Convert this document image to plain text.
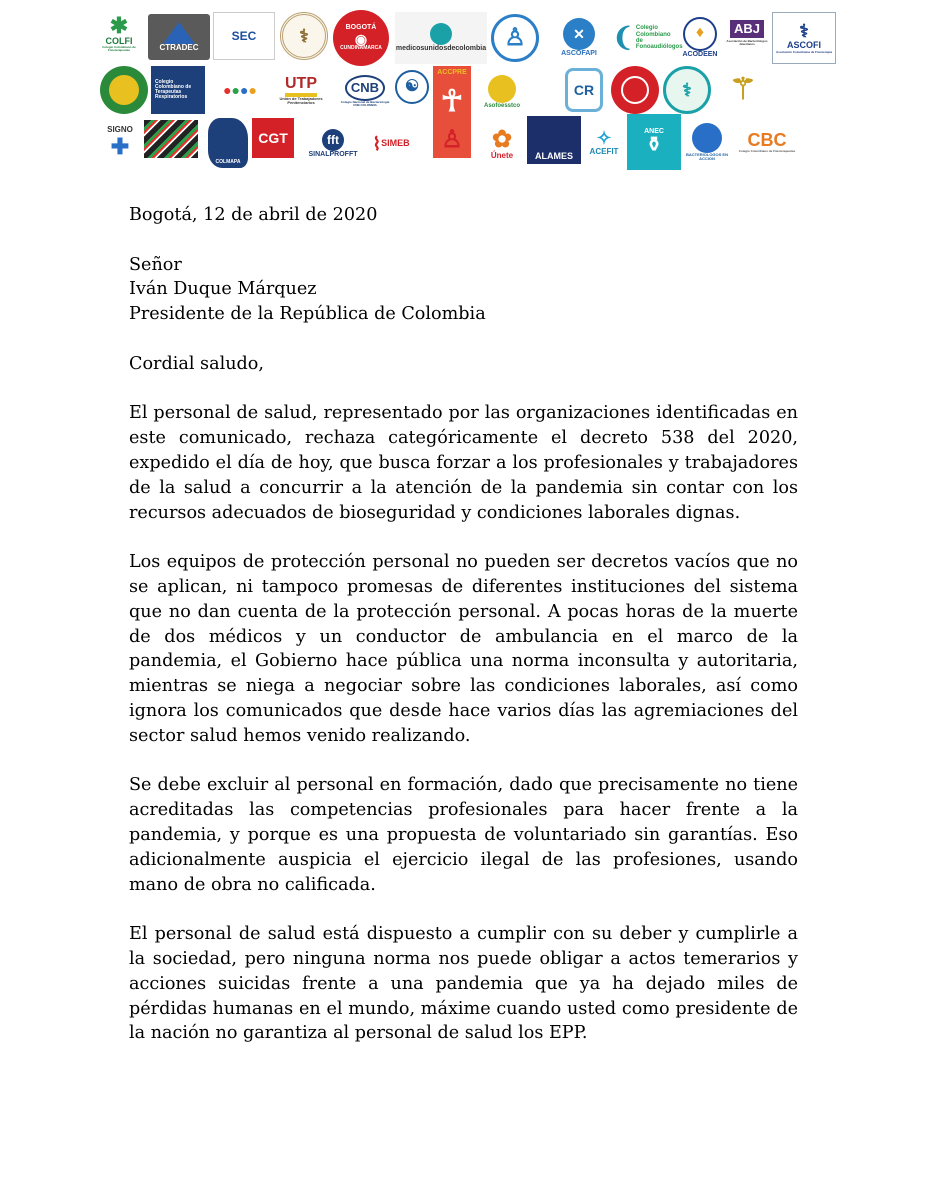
✱
COLFI
Colegio Colombiano de Fisioterapeutas	CTRADEC
SEC ⚕	BOGOTÁ
◉
CUNDINAMARCA medicosunidosdecolombia ♙	✕
ASCOFAPI
❨ Colegio Colombiano de Fonoaudiólogos
♦
ACODEEN
ABJ
Asociación de Bacteriólogos Javerianos
⚕
ASCOFI
Asociación Colombiana de Fisioterapia
Colegio Colombiano de Terapeutas Respiratorios	● ● ● ● UTP
Unión de Trabajadores Penitenciarios
CNB
Colegio Nacional de Bacteriología CNB COLOMBIA
☯
ACCPRE
☥	Asofoesstco
CR	⚕ ⚚
SIGNO
✚
COLMAPA
CGT	fft
SINALPROFFT
⌇ SIMEB ♙ ✿
Únete ALAMES
✧
ACEFIT
ANEC
⚱	BACTERIOLOGOS EN ACCION
CBC
Colegio Colombiano de Fisioterapeutas

Bogotá, 12 de abril de 2020

Señor

Iván Duque Márquez

Presidente de la República de Colombia

Cordial saludo,

El personal de salud, representado por las organizaciones identificadas en este comunicado, rechaza categóricamente el decreto 538 del 2020, expedido el día de hoy, que busca forzar a los profesionales y trabajadores de la salud a concurrir a la atención de la pandemia sin contar con los recursos adecuados de bioseguridad y condiciones laborales dignas.

Los equipos de protección personal no pueden ser decretos vacíos que no se aplican, ni tampoco promesas de diferentes instituciones del sistema que no dan cuenta de la protección personal. A pocas horas de la muerte de dos médicos y un conductor de ambulancia en el marco de la pandemia, el Gobierno hace pública una norma inconsulta y autoritaria, mientras se niega a negociar sobre las condiciones laborales, así como ignora los comunicados que desde hace varios días las agremiaciones del sector salud hemos venido realizando.

Se debe excluir al personal en formación, dado que precisamente no tiene acreditadas las competencias profesionales para hacer frente a la pandemia, y porque es una propuesta de voluntariado sin garantías. Eso adicionalmente auspicia el ejercicio ilegal de las profesiones, usando mano de obra no calificada.

El personal de salud está dispuesto a cumplir con su deber y cumplirle a la sociedad, pero ninguna norma nos puede obligar a actos temerarios y acciones suicidas frente a una pandemia que ya ha dejado miles de pérdidas humanas en el mundo, máxime cuando usted como presidente de la nación no garantiza al personal de salud los EPP.
